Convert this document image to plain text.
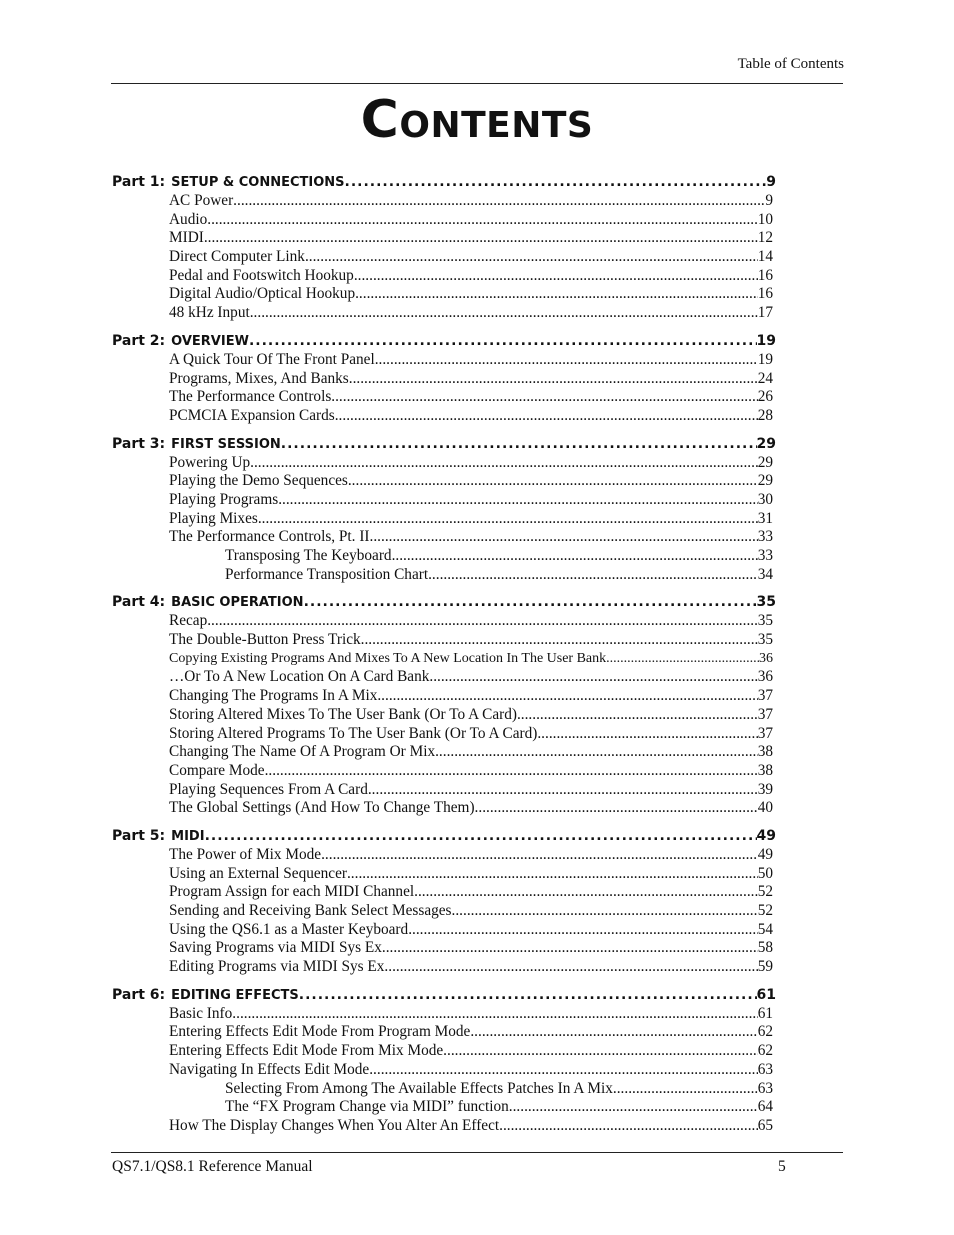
Table of Contents
Contents
Part 1: SETUP & CONNECTIONS .....	9
AC Power .....	9
Audio .....	10
MIDI .....	12
Direct Computer Link .....	14
Pedal and Footswitch Hookup .....	16
Digital Audio/Optical Hookup .....	16
48 kHz Input .....	17
Part 2: OVERVIEW .....	19
A Quick Tour Of The Front Panel .....	19
Programs, Mixes, And Banks .....	24
The Performance Controls .....	26
PCMCIA Expansion Cards .....	28
Part 3: FIRST SESSION .....	29
Powering Up .....	29
Playing the Demo Sequences .....	29
Playing Programs .....	30
Playing Mixes .....	31
The Performance Controls, Pt. II .....	33
Transposing The Keyboard .....	33
Performance Transposition Chart .....	34
Part 4: BASIC OPERATION .....	35
Recap .....	35
The Double-Button Press Trick .....	35
Copying Existing Programs And Mixes To A New Location In The User Bank .....	36
…Or To A New Location On A Card Bank .....	36
Changing The Programs In A Mix .....	37
Storing Altered Mixes To The User Bank (Or To A Card) .....	37
Storing Altered Programs To The User Bank (Or To A Card) .....	37
Changing The Name Of A Program Or Mix .....	38
Compare Mode .....	38
Playing Sequences From A Card .....	39
The Global Settings (And How To Change Them) .....	40
Part 5: MIDI .....	49
The Power of Mix Mode .....	49
Using an External Sequencer .....	50
Program Assign for each MIDI Channel .....	52
Sending and Receiving Bank Select Messages .....	52
Using the QS6.1 as a Master Keyboard .....	54
Saving Programs via MIDI Sys Ex .....	58
Editing Programs via MIDI Sys Ex .....	59
Part 6: EDITING EFFECTS .....	61
Basic Info .....	61
Entering Effects Edit Mode From Program Mode .....	62
Entering Effects Edit Mode From Mix Mode .....	62
Navigating In Effects Edit Mode .....	63
Selecting From Among The Available Effects Patches In A Mix .....	63
The “FX Program Change via MIDI” function .....	64
How The Display Changes When You Alter An Effect .....	65
QS7.1/QS8.1 Reference Manual	5
